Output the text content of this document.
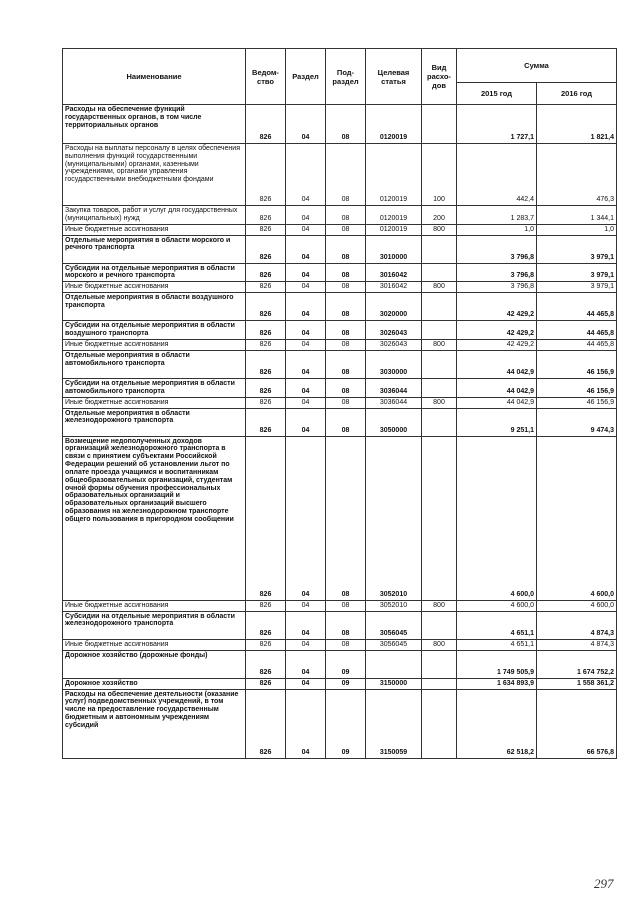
Наименование	Ведом-ство	Раздел	Под-раздел	Целевая статья	Вид расхо-дов	Сумма	
						2015 год	2016 год
Расходы на обеспечение функций государственных органов, в том числе территориальных органов	826	04	08	0120019		1 727,1	1 821,4
Расходы на выплаты персоналу в целях обеспечения выполнения функций государственными (муниципальными) органами, казенными учреждениями, органами управления государственными внебюджетными фондами	826	04	08	0120019	100	442,4	476,3
Закупка товаров, работ и услуг для государственных (муниципальных) нужд	826	04	08	0120019	200	1 283,7	1 344,1
Иные бюджетные ассигнования	826	04	08	0120019	800	1,0	1,0
Отдельные мероприятия в области морского и речного транспорта	826	04	08	3010000		3 796,8	3 979,1
Субсидии на отдельные мероприятия в области морского и речного транспорта	826	04	08	3016042		3 796,8	3 979,1
Иные бюджетные ассигнования	826	04	08	3016042	800	3 796,8	3 979,1
Отдельные мероприятия в области воздушного транспорта	826	04	08	3020000		42 429,2	44 465,8
Субсидии на отдельные мероприятия в области воздушного транспорта	826	04	08	3026043		42 429,2	44 465,8
Иные бюджетные ассигнования	826	04	08	3026043	800	42 429,2	44 465,8
Отдельные мероприятия в области автомобильного транспорта	826	04	08	3030000		44 042,9	46 156,9
Субсидии на отдельные мероприятия в области автомобильного транспорта	826	04	08	3036044		44 042,9	46 156,9
Иные бюджетные ассигнования	826	04	08	3036044	800	44 042,9	46 156,9
Отдельные мероприятия в области железнодорожного транспорта	826	04	08	3050000		9 251,1	9 474,3
Возмещение недополученных доходов организаций железнодорожного транспорта в связи с принятием субъектами Российской Федерации решений об установлении льгот по оплате проезда учащимся и воспитанникам общеобразовательных организаций, студентам очной формы обучения профессиональных образовательных организаций и образовательных организаций высшего образования на железнодорожном транспорте общего пользования в пригородном сообщении	826	04	08	3052010		4 600,0	4 600,0
Иные бюджетные ассигнования	826	04	08	3052010	800	4 600,0	4 600,0
Субсидии на отдельные мероприятия в области железнодорожного транспорта	826	04	08	3056045		4 651,1	4 874,3
Иные бюджетные ассигнования	826	04	08	3056045	800	4 651,1	4 874,3
Дорожное хозяйство (дорожные фонды)	826	04	09			1 749 505,9	1 674 752,2
Дорожное хозяйство	826	04	09	3150000		1 634 893,9	1 558 361,2
Расходы на обеспечение деятельности (оказание услуг) подведомственных учреждений, в том числе на предоставление государственным бюджетным и автономным учреждениям субсидий	826	04	09	3150059		62 518,2	66 576,8
297
